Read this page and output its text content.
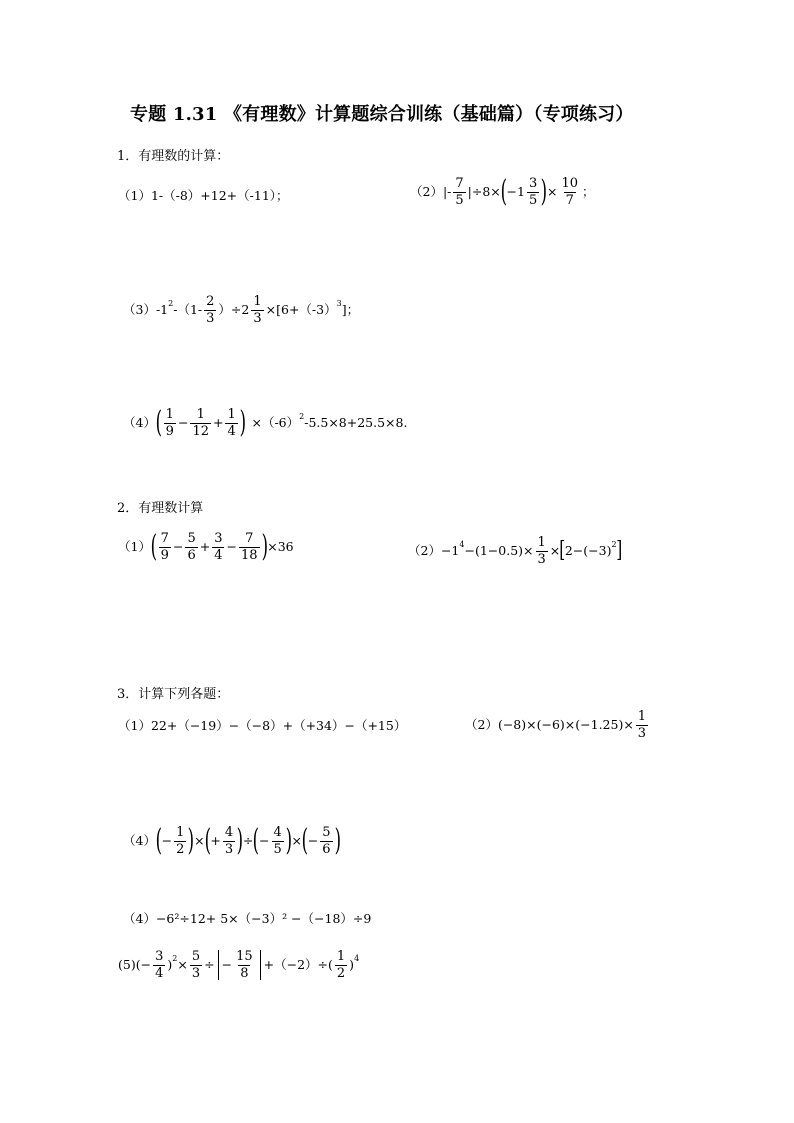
专题 1.31 《有理数》计算题综合训练（基础篇）（专项练习）
1．有理数的计算：
（1） 1-（-8）+12+（-11）；	（2） |- $\frac{7}{5} |\div 8\times$ ( $-1 \frac{3}{5}$ ) × $\frac{10}{7}$ ；
（3） -1 2 $-(1- \frac{2}{3} )\div 2 \frac{1}{3} \times[6+(-3)$ 3 ]；
（4） ( $\frac{1}{9} - \frac{1}{12} + \frac{1}{4}$ ) ×（-6） 2 -5.5×8+25.5×8.
2．有理数计算
（1） ( $\frac{7}{9} - \frac{5}{6} + \frac{3}{4} - \frac{7}{18}$ ) ×36	（2） −1 $4 -(1-0.5)\times \frac{1}{3}$ × [ 2−(−3) 2 ]
3．计算下列各题：
（1） 22+（−19）−（−8）+（+34）−（+15）	（2） $(-8)\times(-6)\times(-1.25)\times \frac{1}{3}$
（4） ( − $\frac{1}{2}$ ) × ( + $\frac{4}{3}$ ) ÷ ( − $\frac{4}{5}$ ) × ( − $\frac{5}{6}$ )
（4） −6²÷12+ 5×（−3）² −（−18）÷9
(5) (− $\frac{3}{4}$ ) $2 \times \frac{5}{3}$ ÷ − $\frac{15}{8} +(-2)\div( \frac{1}{2}$ ) 4
